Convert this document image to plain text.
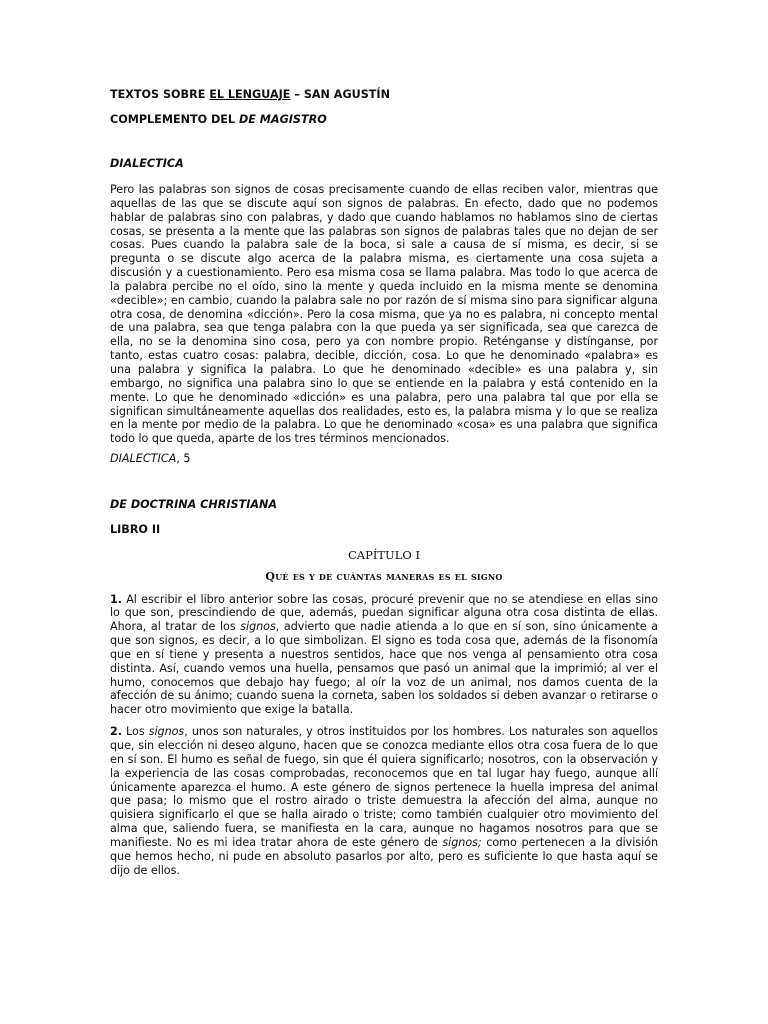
TEXTOS SOBRE EL LENGUAJE – SAN AGUSTÍN

COMPLEMENTO DEL DE MAGISTRO

DIALECTICA

Pero las palabras son signos de cosas precisamente cuando de ellas reciben valor, mientras que aquellas de las que se discute aquí son signos de palabras. En efecto, dado que no podemos hablar de palabras sino con palabras, y dado que cuando hablamos no hablamos sino de ciertas cosas, se presenta a la mente que las palabras son signos de palabras tales que no dejan de ser cosas. Pues cuando la palabra sale de la boca, si sale a causa de sí misma, es decir, si se pregunta o se discute algo acerca de la palabra misma, es ciertamente una cosa sujeta a discusión y a cuestionamiento. Pero esa misma cosa se llama palabra. Mas todo lo que acerca de la palabra percibe no el oído, sino la mente y queda incluido en la misma mente se denomina «decible»; en cambio, cuando la palabra sale no por razón de sí misma sino para significar alguna otra cosa, de denomina «dicción». Pero la cosa misma, que ya no es palabra, ni concepto mental de una palabra, sea que tenga palabra con la que pueda ya ser significada, sea que carezca de ella, no se la denomina sino cosa, pero ya con nombre propio. Reténganse y distínganse, por tanto, estas cuatro cosas: palabra, decible, dicción, cosa. Lo que he denominado «palabra» es una palabra y significa la palabra. Lo que he denominado «decible» es una palabra y, sin embargo, no significa una palabra sino lo que se entiende en la palabra y está contenido en la mente. Lo que he denominado «dicción» es una palabra, pero una palabra tal que por ella se significan simultáneamente aquellas dos realidades, esto es, la palabra misma y lo que se realiza en la mente por medio de la palabra. Lo que he denominado «cosa» es una palabra que significa todo lo que queda, aparte de los tres términos mencionados.

DIALECTICA, 5

DE DOCTRINA CHRISTIANA

LIBRO II

CAPÍTULO I

Qué es y de cuántas maneras es el signo

1. Al escribir el libro anterior sobre las cosas, procuré prevenir que no se atendiese en ellas sino lo que son, prescindiendo de que, además, puedan significar alguna otra cosa distinta de ellas. Ahora, al tratar de los signos, advierto que nadie atienda a lo que en sí son, sino únicamente a que son signos, es decir, a lo que simbolizan. El signo es toda cosa que, además de la fisonomía que en sí tiene y presenta a nuestros sentidos, hace que nos venga al pensamiento otra cosa distinta. Así, cuando vemos una huella, pensamos que pasó un animal que la imprimió; al ver el humo, conocemos que debajo hay fuego; al oír la voz de un animal, nos damos cuenta de la afección de su ánimo; cuando suena la corneta, saben los soldados si deben avanzar o retirarse o hacer otro movimiento que exige la batalla.

2. Los signos, unos son naturales, y otros instituidos por los hombres. Los naturales son aquellos que, sin elección ni deseo alguno, hacen que se conozca mediante ellos otra cosa fuera de lo que en sí son. El humo es señal de fuego, sin que él quiera significarlo; nosotros, con la observación y la experiencia de las cosas comprobadas, reconocemos que en tal lugar hay fuego, aunque allí únicamente aparezca el humo. A este género de signos pertenece la huella impresa del animal que pasa; lo mismo que el rostro airado o triste demuestra la afección del alma, aunque no quisiera significarlo el que se halla airado o triste; como también cualquier otro movimiento del alma que, saliendo fuera, se manifiesta en la cara, aunque no hagamos nosotros para que se manifieste. No es mi idea tratar ahora de este género de signos; como pertenecen a la división que hemos hecho, ni pude en absoluto pasarlos por alto, pero es suficiente lo que hasta aquí se dijo de ellos.
